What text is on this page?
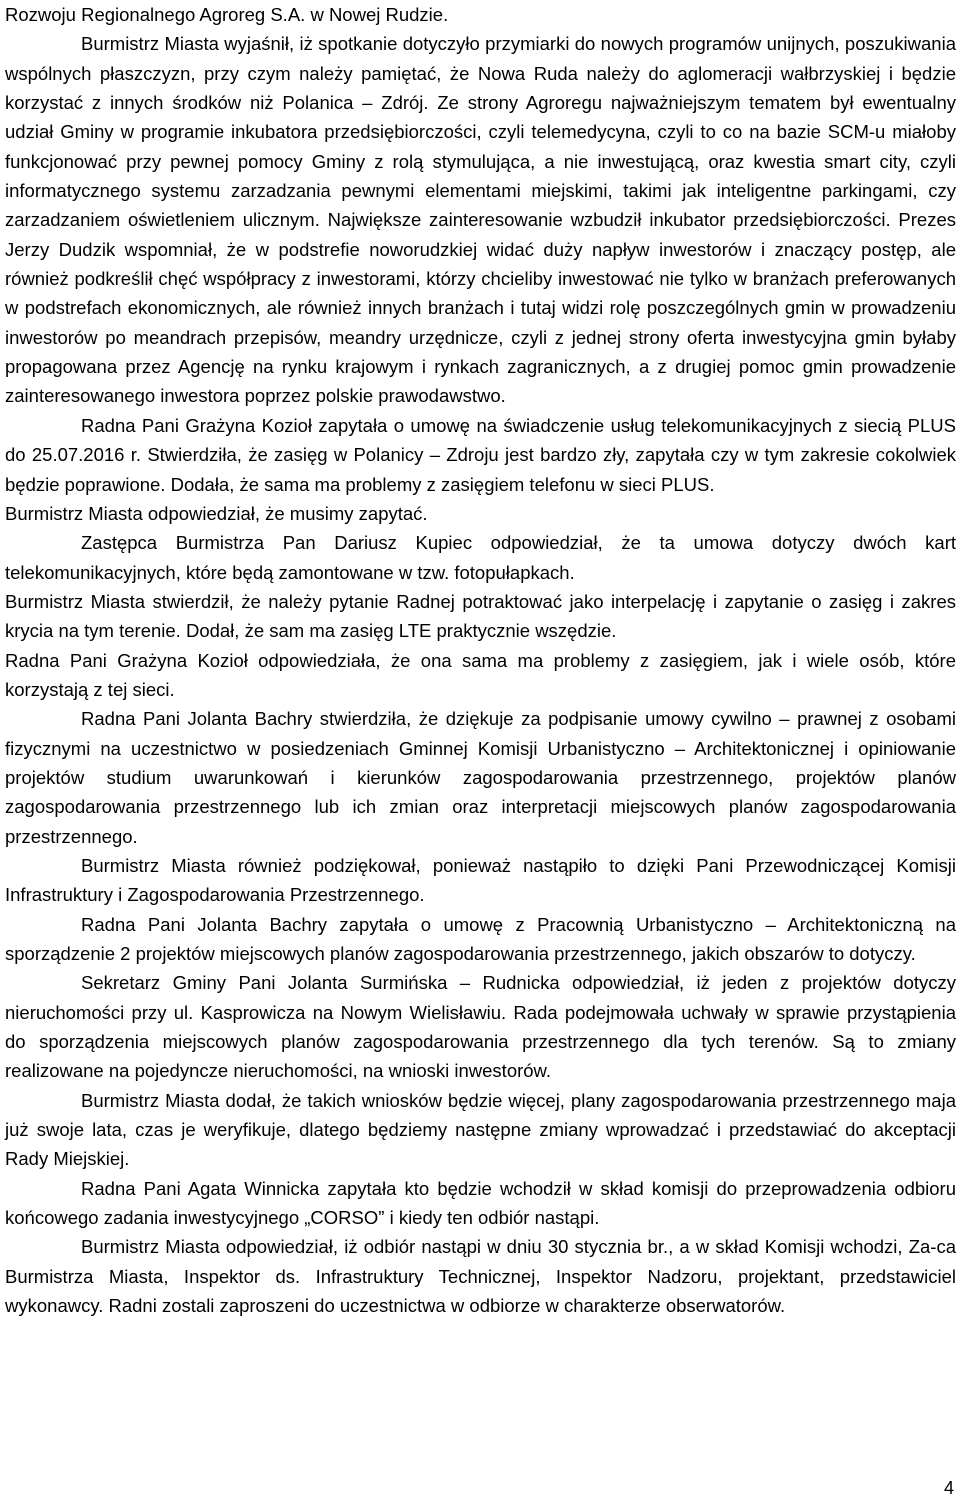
Rozwoju Regionalnego Agroreg S.A. w Nowej Rudzie.

Burmistrz Miasta wyjaśnił, iż spotkanie dotyczyło przymiarki do nowych programów unijnych, poszukiwania wspólnych płaszczyzn, przy czym należy pamiętać, że Nowa Ruda należy do aglomeracji wałbrzyskiej i będzie korzystać z innych środków niż Polanica – Zdrój. Ze strony Agroregu najważniejszym tematem był ewentualny udział Gminy w programie inkubatora przedsiębiorczości, czyli telemedycyna, czyli to co na bazie SCM-u miałoby funkcjonować przy pewnej pomocy Gminy z rolą stymulująca, a nie inwestującą, oraz kwestia smart city, czyli informatycznego systemu zarzadzania pewnymi elementami miejskimi, takimi jak inteligentne parkingami, czy zarzadzaniem oświetleniem ulicznym. Największe zainteresowanie wzbudził inkubator przedsiębiorczości. Prezes Jerzy Dudzik wspomniał, że w podstrefie noworudzkiej widać duży napływ inwestorów i znaczący postęp, ale również podkreślił chęć współpracy z inwestorami, którzy chcieliby inwestować nie tylko w branżach preferowanych w podstrefach ekonomicznych, ale również innych branżach i tutaj widzi rolę poszczególnych gmin w prowadzeniu inwestorów po meandrach przepisów, meandry urzędnicze, czyli z jednej strony oferta inwestycyjna gmin byłaby propagowana przez Agencję na rynku krajowym i rynkach zagranicznych, a z drugiej pomoc gmin prowadzenie zainteresowanego inwestora poprzez polskie prawodawstwo.

Radna Pani Grażyna Kozioł zapytała o umowę na świadczenie usług telekomunikacyjnych z siecią PLUS do 25.07.2016 r. Stwierdziła, że zasięg w Polanicy – Zdroju jest bardzo zły, zapytała czy w tym zakresie cokolwiek będzie poprawione. Dodała, że sama ma problemy z zasięgiem telefonu w sieci PLUS.

Burmistrz Miasta odpowiedział, że musimy zapytać.

Zastępca Burmistrza Pan Dariusz Kupiec odpowiedział, że ta umowa dotyczy dwóch kart telekomunikacyjnych, które będą zamontowane w tzw. fotopułapkach.

Burmistrz Miasta stwierdził, że należy pytanie Radnej potraktować jako interpelację i zapytanie o zasięg i zakres krycia na tym terenie. Dodał, że sam ma zasięg LTE praktycznie wszędzie.

Radna Pani Grażyna Kozioł odpowiedziała, że ona sama ma problemy z zasięgiem, jak i wiele osób, które korzystają z tej sieci.

Radna Pani Jolanta Bachry stwierdziła, że dziękuje za podpisanie umowy cywilno – prawnej z osobami fizycznymi na uczestnictwo w posiedzeniach Gminnej Komisji Urbanistyczno – Architektonicznej i opiniowanie projektów studium uwarunkowań i kierunków zagospodarowania przestrzennego, projektów planów zagospodarowania przestrzennego lub ich zmian oraz interpretacji miejscowych planów zagospodarowania przestrzennego.

Burmistrz Miasta również podziękował, ponieważ nastąpiło to dzięki Pani Przewodniczącej Komisji Infrastruktury i Zagospodarowania Przestrzennego.

Radna Pani Jolanta Bachry zapytała o umowę z Pracownią Urbanistyczno – Architektoniczną na sporządzenie 2 projektów miejscowych planów zagospodarowania przestrzennego, jakich obszarów to dotyczy.

Sekretarz Gminy Pani Jolanta Surmińska – Rudnicka odpowiedział, iż jeden z projektów dotyczy nieruchomości przy ul. Kasprowicza na Nowym Wielisławiu. Rada podejmowała uchwały w sprawie przystąpienia do sporządzenia miejscowych planów zagospodarowania przestrzennego dla tych terenów. Są to zmiany realizowane na pojedyncze nieruchomości, na wnioski inwestorów.

Burmistrz Miasta dodał, że takich wniosków będzie więcej, plany zagospodarowania przestrzennego maja już swoje lata, czas je weryfikuje, dlatego będziemy następne zmiany wprowadzać i przedstawiać do akceptacji Rady Miejskiej.

Radna Pani Agata Winnicka zapytała kto będzie wchodził w skład komisji do przeprowadzenia odbioru końcowego zadania inwestycyjnego „CORSO” i kiedy ten odbiór nastąpi.

Burmistrz Miasta odpowiedział, iż odbiór nastąpi w dniu 30 stycznia br., a w skład Komisji wchodzi, Za-ca Burmistrza Miasta, Inspektor ds. Infrastruktury Technicznej, Inspektor Nadzoru, projektant, przedstawiciel wykonawcy. Radni zostali zaproszeni do uczestnictwa w odbiorze w charakterze obserwatorów.

4
